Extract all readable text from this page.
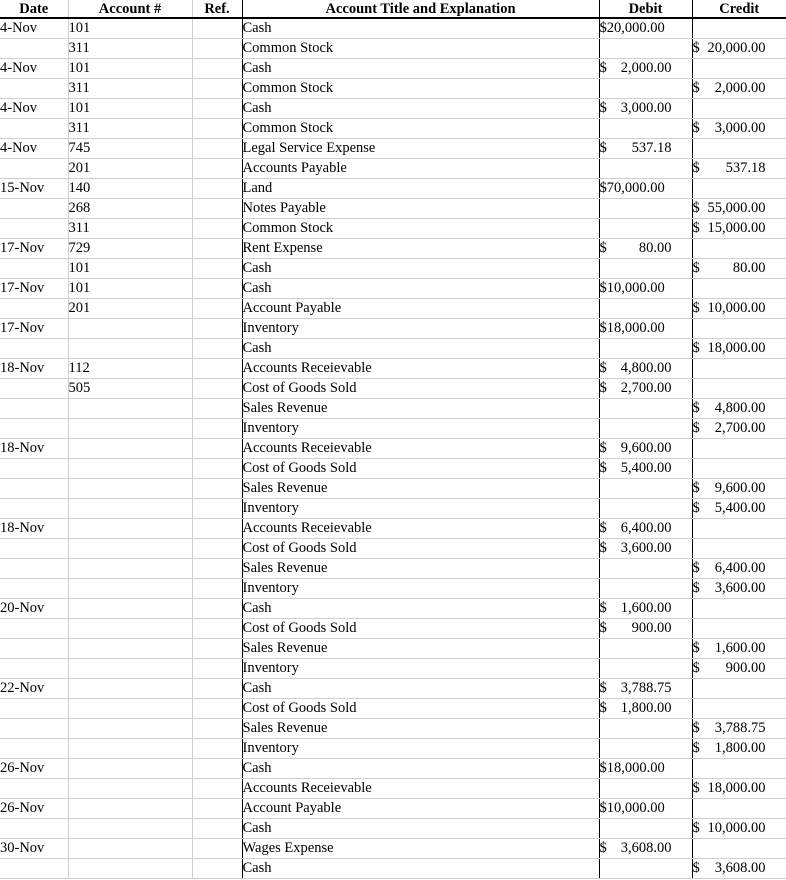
Date	Account #	Ref.	Account Title and Explanation	Debit	Credit
4-Nov	101		Cash	$ 20,000.00	

	311		Common Stock		$ 20,000.00

4-Nov	101		Cash	$ 2,000.00	

	311		Common Stock		$ 2,000.00

4-Nov	101		Cash	$ 3,000.00	

	311		Common Stock		$ 3,000.00

4-Nov	745		Legal Service Expense	$ 537.18	

	201		Accounts Payable		$ 537.18

15-Nov	140		Land	$ 70,000.00	

	268		Notes Payable		$ 55,000.00

	311		Common Stock		$ 15,000.00

17-Nov	729		Rent Expense	$ 80.00	

	101		Cash		$ 80.00

17-Nov	101		Cash	$ 10,000.00	

	201		Account Payable		$ 10,000.00

17-Nov			Inventory	$ 18,000.00	

			Cash		$ 18,000.00

18-Nov	112		Accounts Receievable	$ 4,800.00	

	505		Cost of Goods Sold	$ 2,700.00	

			Sales Revenue		$ 4,800.00

			Inventory		$ 2,700.00

18-Nov			Accounts Receievable	$ 9,600.00	

			Cost of Goods Sold	$ 5,400.00	

			Sales Revenue		$ 9,600.00

			Inventory		$ 5,400.00

18-Nov			Accounts Receievable	$ 6,400.00	

			Cost of Goods Sold	$ 3,600.00	

			Sales Revenue		$ 6,400.00

			Inventory		$ 3,600.00

20-Nov			Cash	$ 1,600.00	

			Cost of Goods Sold	$ 900.00	

			Sales Revenue		$ 1,600.00

			Inventory		$ 900.00

22-Nov			Cash	$ 3,788.75	

			Cost of Goods Sold	$ 1,800.00	

			Sales Revenue		$ 3,788.75

			Inventory		$ 1,800.00

26-Nov			Cash	$ 18,000.00	

			Accounts Receievable		$ 18,000.00

26-Nov			Account Payable	$ 10,000.00	

			Cash		$ 10,000.00

30-Nov			Wages Expense	$ 3,608.00	

			Cash		$ 3,608.00
